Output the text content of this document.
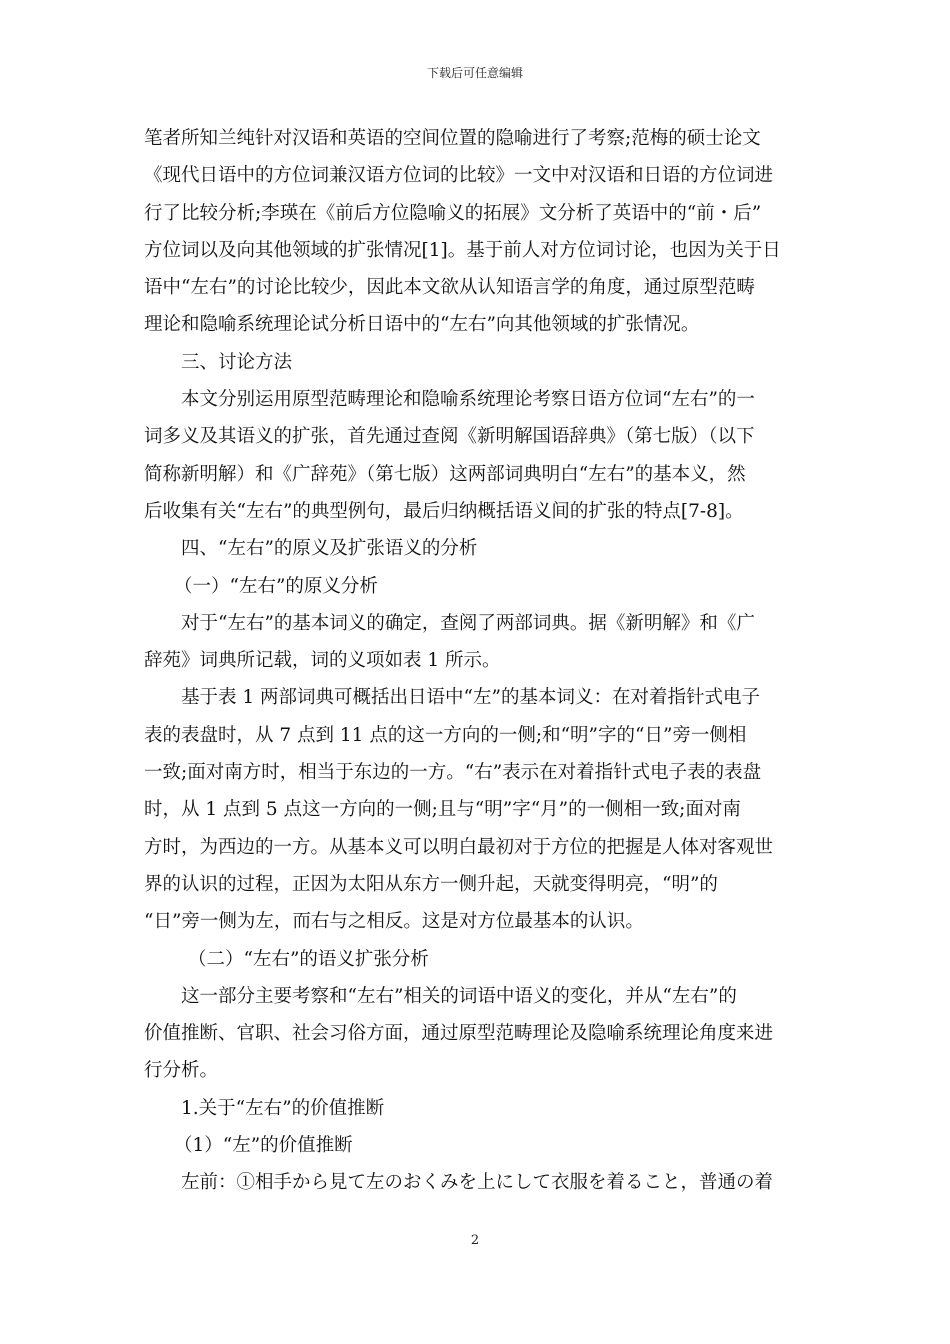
下载后可任意编辑
笔者所知兰纯针对汉语和英语的空间位置的隐喻进行了考察;范梅的硕士论文
《现代日语中的方位词兼汉语方位词的比较》一文中对汉语和日语的方位词进
行了比较分析;李瑛在《前后方位隐喻义的拓展》文分析了英语中的“前・后”
方位词以及向其他领域的扩张情况[1]。基于前人对方位词讨论，也因为关于日
语中“左右”的讨论比较少，因此本文欲从认知语言学的角度，通过原型范畴
理论和隐喻系统理论试分析日语中的“左右”向其他领域的扩张情况。
三、讨论方法
本文分别运用原型范畴理论和隐喻系统理论考察日语方位词“左右”的一
词多义及其语义的扩张，首先通过查阅《新明解国语辞典》（第七版）（以下
简称新明解）和《广辞苑》（第七版）这两部词典明白“左右”的基本义，然
后收集有关“左右”的典型例句，最后归纳概括语义间的扩张的特点[7-8]。
四、“左右”的原义及扩张语义的分析
（一）“左右”的原义分析
对于“左右”的基本词义的确定，查阅了两部词典。据《新明解》和《广
辞苑》词典所记载，词的义项如表 1 所示。
基于表 1 两部词典可概括出日语中“左”的基本词义：在对着指针式电子
表的表盘时，从 7 点到 11 点的这一方向的一侧;和“明”字的“日”旁一侧相
一致;面对南方时，相当于东边的一方。“右”表示在对着指针式电子表的表盘
时，从 1 点到 5 点这一方向的一侧;且与“明”字“月”的一侧相一致;面对南
方时，为西边的一方。从基本义可以明白最初对于方位的把握是人体对客观世
界的认识的过程，正因为太阳从东方一侧升起，天就变得明亮，“明”的
“日”旁一侧为左，而右与之相反。这是对方位最基本的认识。
（二）“左右”的语义扩张分析
这一部分主要考察和“左右”相关的词语中语义的变化，并从“左右”的
价值推断、官职、社会习俗方面，通过原型范畴理论及隐喻系统理论角度来进
行分析。
1.关于“左右”的价值推断
（1）“左”的价值推断
左前：①相手から見て左のおくみを上にして衣服を着ること，普通の着
2
